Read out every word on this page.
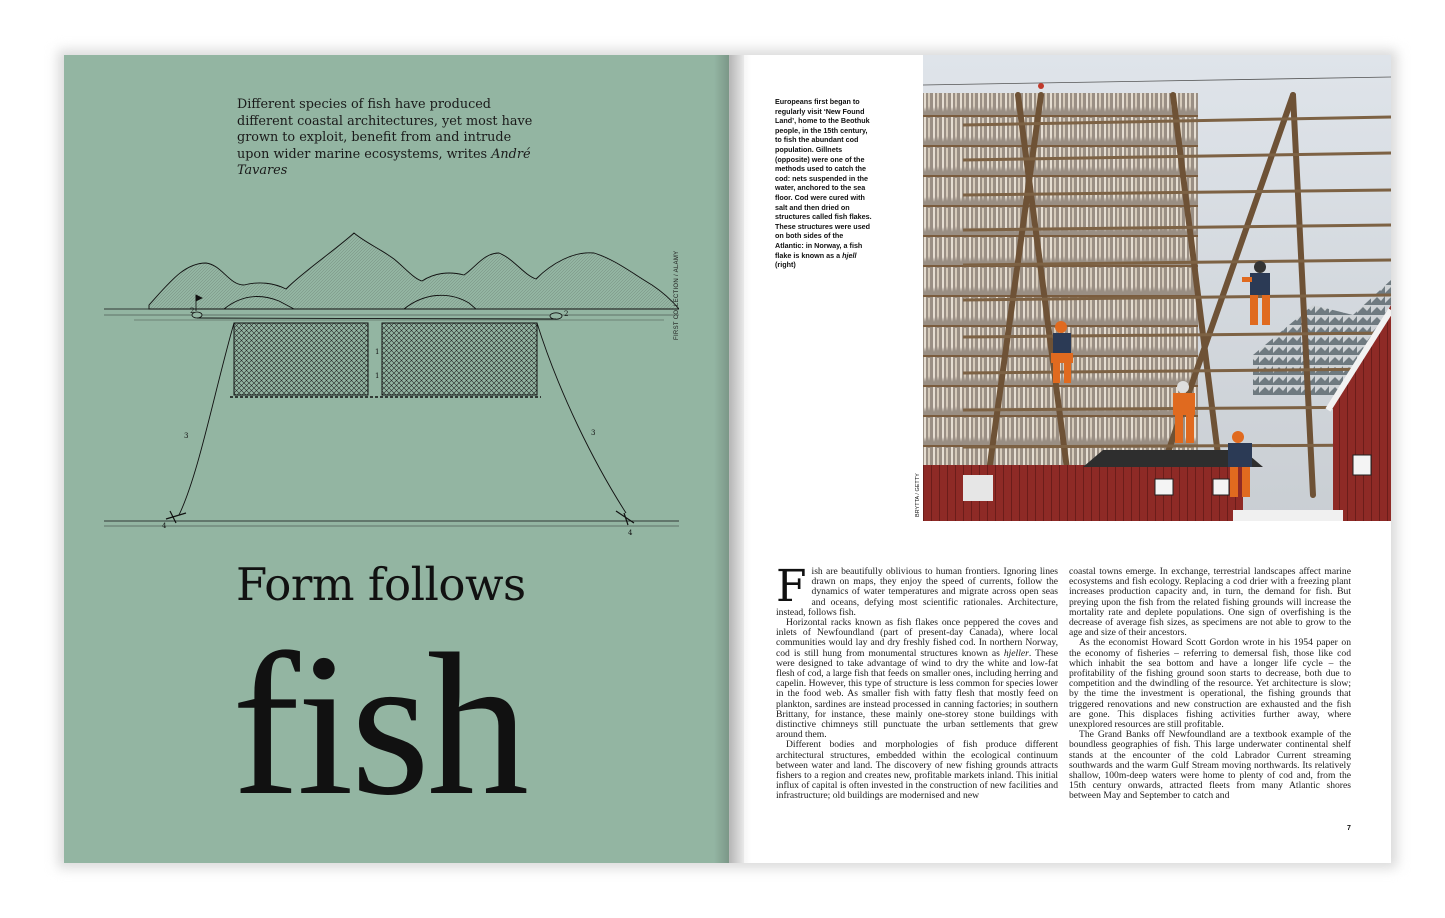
Different species of fish have produced different coastal architectures, yet most have grown to exploit, benefit from and intrude upon wider marine ecosystems, writes André Tavares

1
1
2	2
3	3
4
4
FIRST COLLECTION / ALAMY
Form follows
fish

Europeans first began to regularly visit ‘New Found Land’, home to the Beothuk people, in the 15th century, to fish the abundant cod population. Gillnets (opposite) were one of the methods used to catch the cod: nets suspended in the water, anchored to the sea floor. Cod were cured with salt and then dried on structures called fish flakes. These structures were used on both sides of the Atlantic: in Norway, a fish flake is known as a hjell (right)

BRYTTA / GETTY

Fish are beautifully oblivious to human frontiers. Ignoring lines drawn on maps, they enjoy the speed of currents, follow the dynamics of water temperatures and migrate across open seas and oceans, defying most scientific rationales. Architecture, instead, follows fish.

Horizontal racks known as fish flakes once peppered the coves and inlets of Newfoundland (part of present-day Canada), where local communities would lay and dry freshly fished cod. In northern Norway, cod is still hung from monumental structures known as hjeller. These were designed to take advantage of wind to dry the white and low-fat flesh of cod, a large fish that feeds on smaller ones, including herring and capelin. However, this type of structure is less common for species lower in the food web. As smaller fish with fatty flesh that mostly feed on plankton, sardines are instead processed in canning factories; in southern Brittany, for instance, these mainly one-storey stone buildings with distinctive chimneys still punctuate the urban settlements that grew around them.

Different bodies and morphologies of fish produce different architectural structures, embedded within the ecological continuum between water and land. The discovery of new fishing grounds attracts fishers to a region and creates new, profitable markets inland. This initial influx of capital is often invested in the construction of new facilities and infrastructure; old buildings are modernised and new

coastal towns emerge. In exchange, terrestrial landscapes affect marine ecosystems and fish ecology. Replacing a cod drier with a freezing plant increases production capacity and, in turn, the demand for fish. But preying upon the fish from the related fishing grounds will increase the mortality rate and deplete populations. One sign of overfishing is the decrease of average fish sizes, as specimens are not able to grow to the age and size of their ancestors.

As the economist Howard Scott Gordon wrote in his 1954 paper on the economy of fisheries – referring to demersal fish, those like cod which inhabit the sea bottom and have a longer life cycle – the profitability of the fishing ground soon starts to decrease, both due to competition and the dwindling of the resource. Yet architecture is slow; by the time the investment is operational, the fishing grounds that triggered renovations and new construction are exhausted and the fish are gone. This displaces fishing activities further away, where unexplored resources are still profitable.

The Grand Banks off Newfoundland are a textbook example of the boundless geographies of fish. This large underwater continental shelf stands at the encounter of the cold Labrador Current streaming southwards and the warm Gulf Stream moving northwards. Its relatively shallow, 100m-deep waters were home to plenty of cod and, from the 15th century onwards, attracted fleets from many Atlantic shores between May and September to catch and

7
